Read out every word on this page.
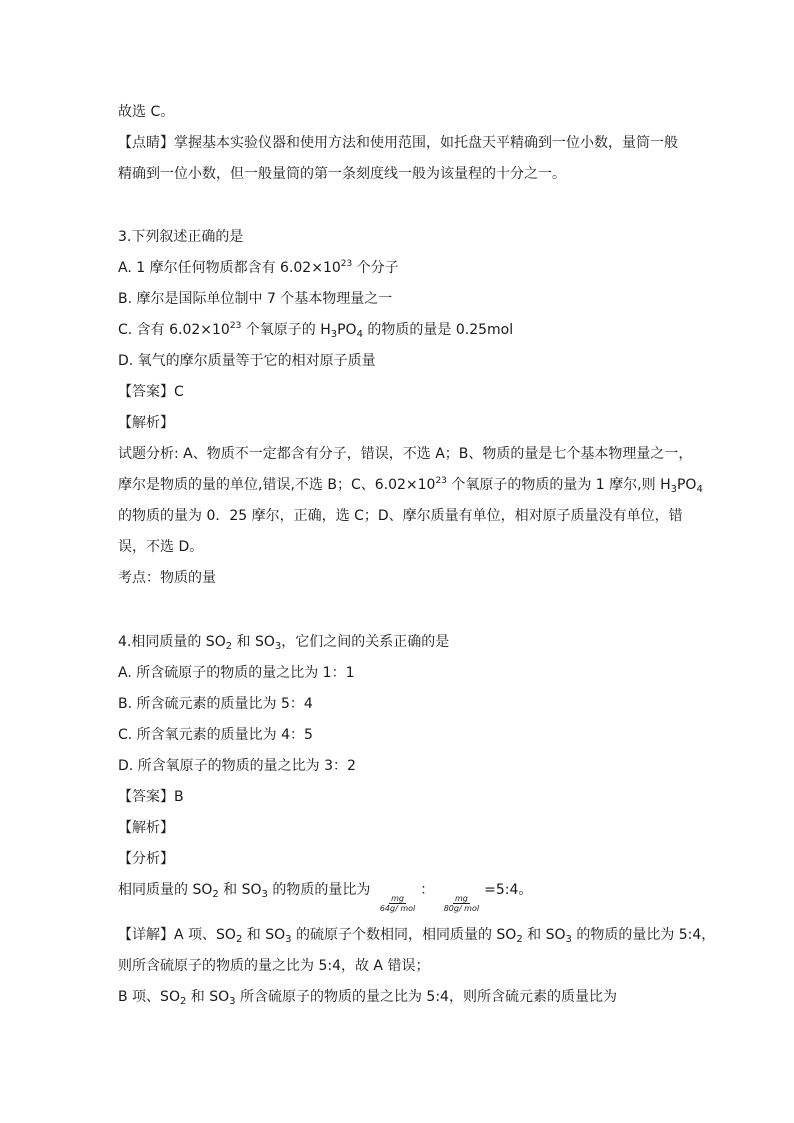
故选 C。
【点睛】掌握基本实验仪器和使用方法和使用范围，如托盘天平精确到一位小数，量筒一般
精确到一位小数，但一般量筒的第一条刻度线一般为该量程的十分之一。
3.下列叙述正确的是
A. 1 摩尔任何物质都含有 $6.02\times 10^{23}$ 个分子
B. 摩尔是国际单位制中 7 个基本物理量之一
C. 含有 $6.02\times 10^{23}$ 个氧原子的 $H_3PO_4$ 的物质的量是 0.25mol
D. 氧气的摩尔质量等于它的相对原子质量
【答案】C
【解析】
试题分析: A、物质不一定都含有分子，错误，不选 A；B、物质的量是七个基本物理量之一，
摩尔是物质的量的单位,错误,不选 B；C、$6.02\times 10^{23}$ 个氧原子的物质的量为 1 摩尔,则 $H_3PO_4$
的物质的量为 0．25 摩尔，正确，选 C；D、摩尔质量有单位，相对原子质量没有单位，错
误，不选 D。
考点：物质的量
4.相同质量的 $SO_2$ 和 $SO_3$，它们之间的关系正确的是
A. 所含硫原子的物质的量之比为 1：1
B. 所含硫元素的质量比为 5：4
C. 所含氧元素的质量比为 4：5
D. 所含氧原子的物质的量之比为 3：2
【答案】B
【解析】
【分析】
相同质量的 $SO_2$ 和 $SO_3$ 的物质的量比为
$\frac{mg}{\text{64g/ mol}}$
：
$\frac{mg}{\text{80g/ mol}}$
=5:4。
【详解】A 项、$SO_2$ 和 $SO_3$ 的硫原子个数相同，相同质量的 $SO_2$ 和 $SO_3$ 的物质的量比为 5:4，
则所含硫原子的物质的量之比为 5:4，故 A 错误；
B 项、$SO_2$ 和 $SO_3$ 所含硫原子的物质的量之比为 5:4，则所含硫元素的质量比为
